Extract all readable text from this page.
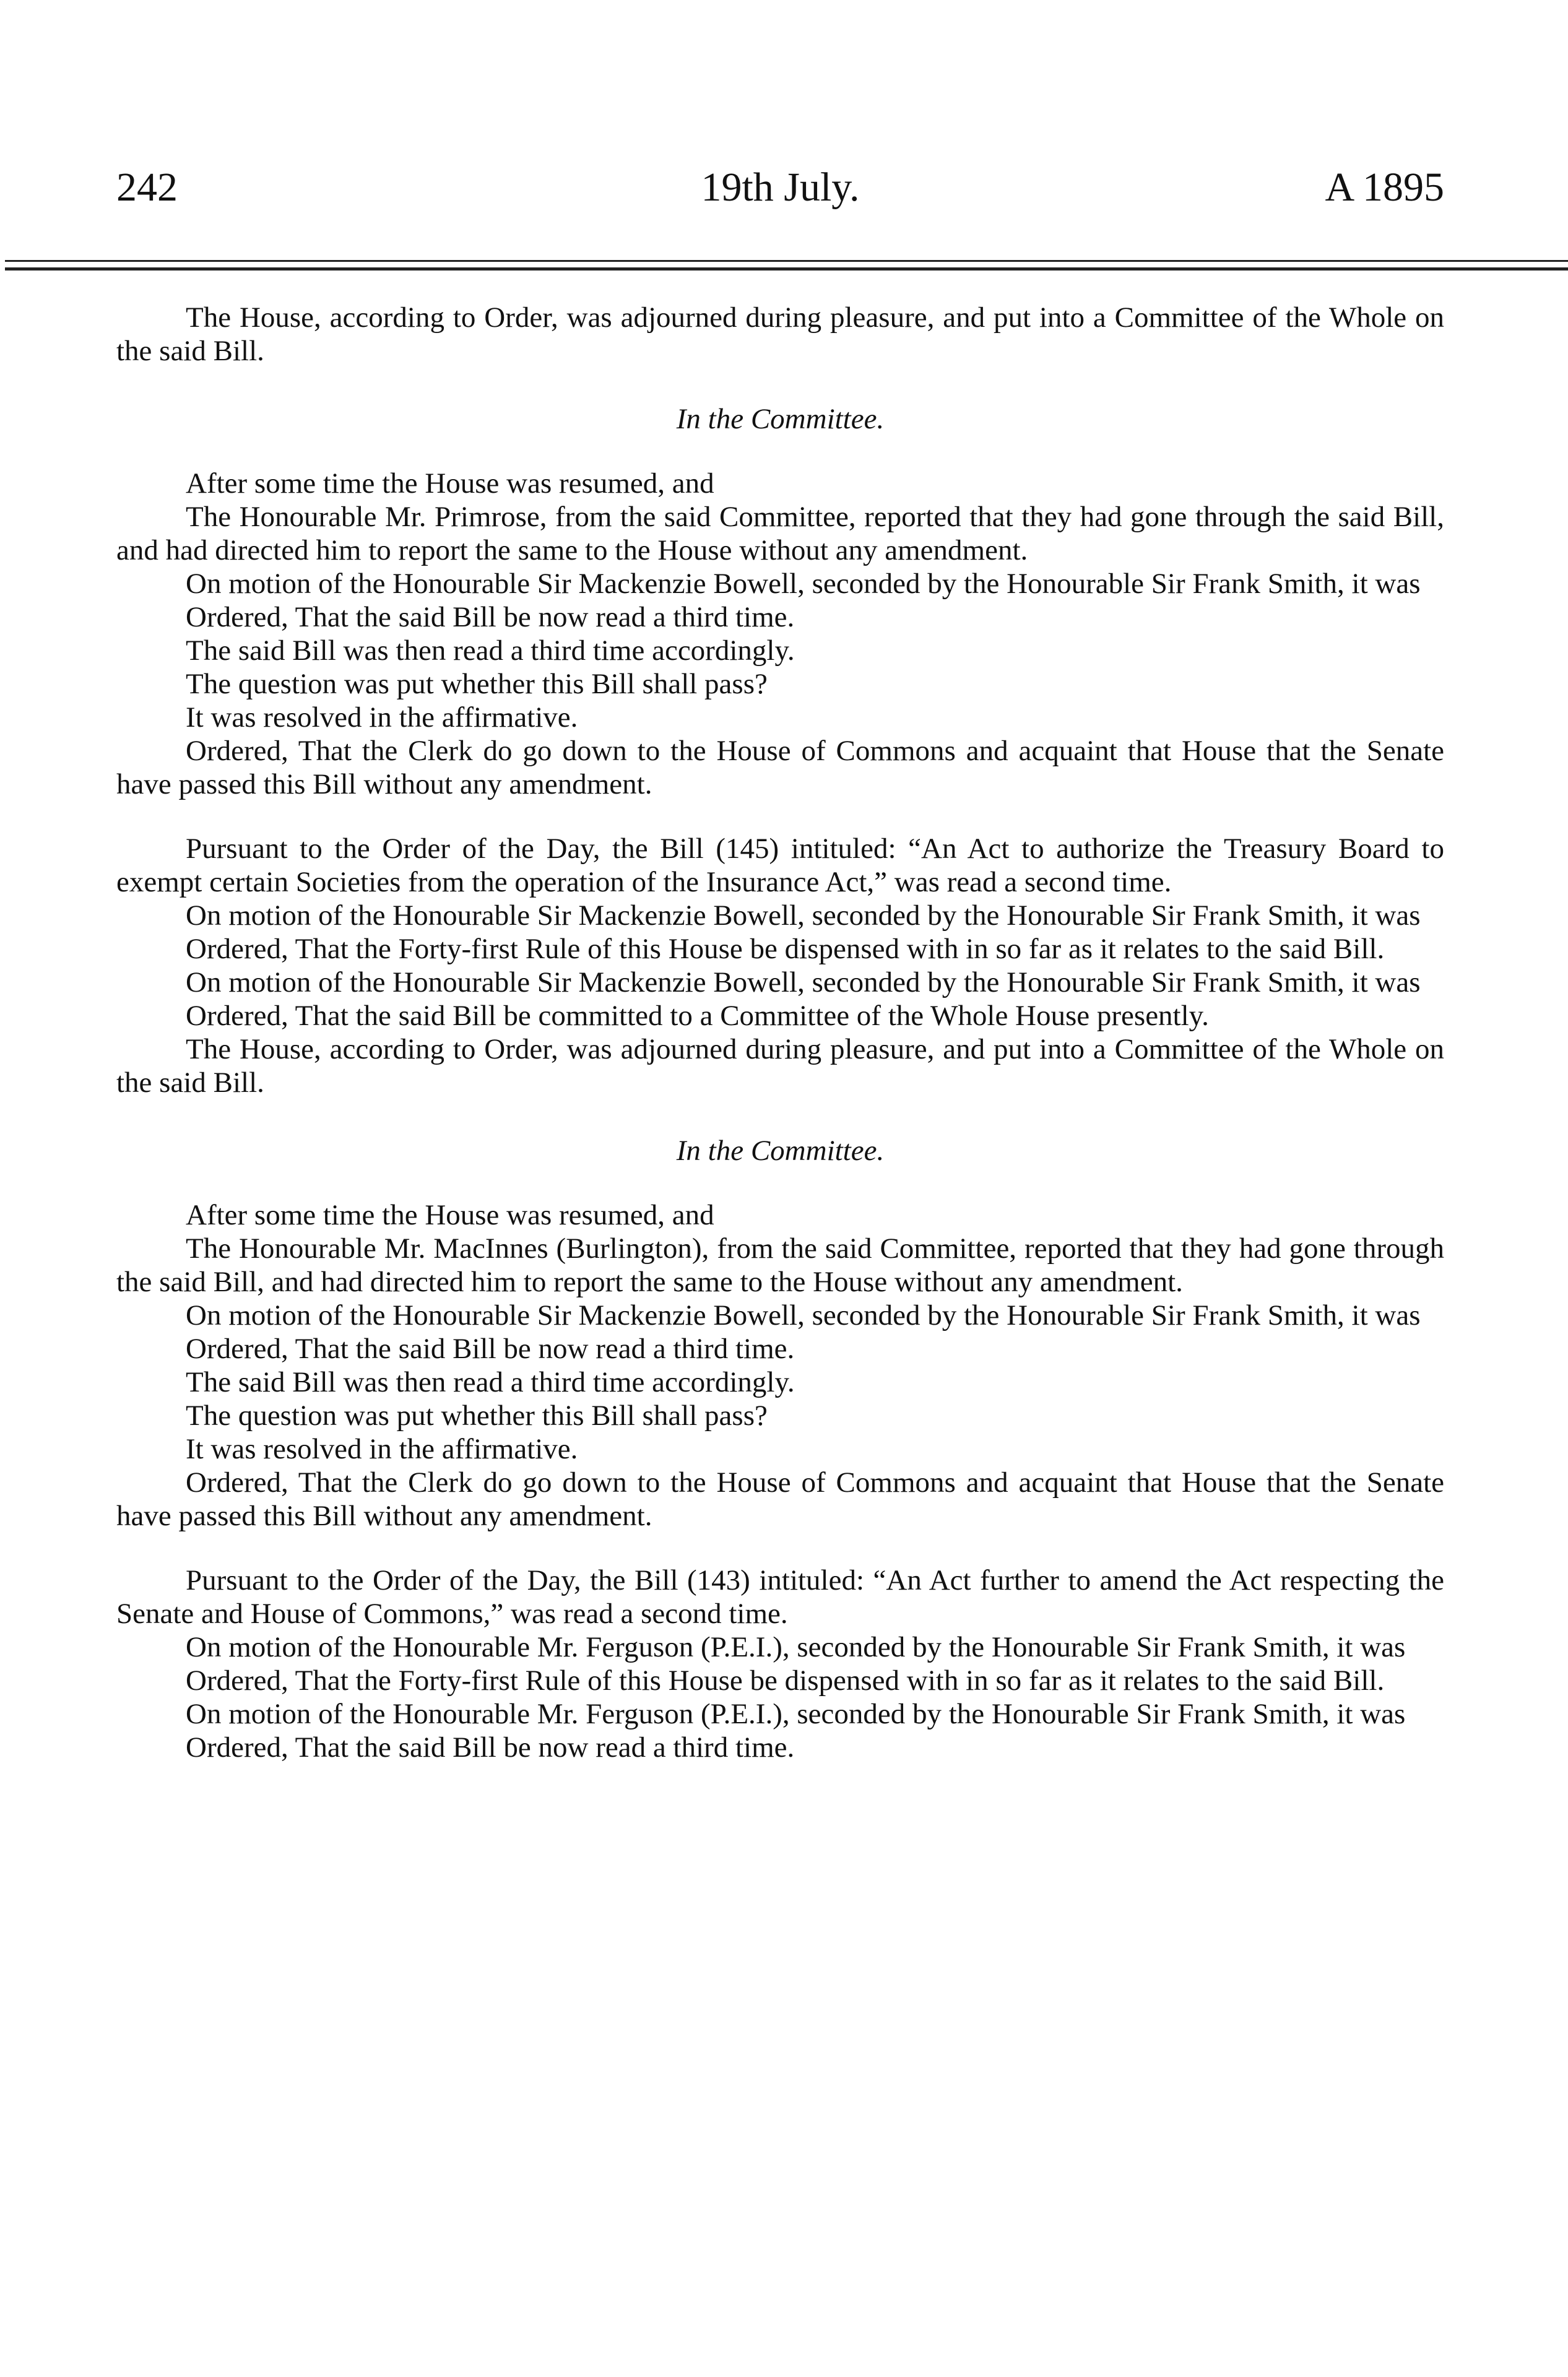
242	19th July.	A 1895

The House, according to Order, was adjourned during pleasure, and put into a Committee of the Whole on the said Bill.

In the Committee.

After some time the House was resumed, and

The Honourable Mr. Primrose, from the said Committee, reported that they had gone through the said Bill, and had directed him to report the same to the House without any amendment.

On motion of the Honourable Sir Mackenzie Bowell, seconded by the Honourable Sir Frank Smith, it was

Ordered, That the said Bill be now read a third time.

The said Bill was then read a third time accordingly.

The question was put whether this Bill shall pass?

It was resolved in the affirmative.

Ordered, That the Clerk do go down to the House of Commons and acquaint that House that the Senate have passed this Bill without any amendment.

Pursuant to the Order of the Day, the Bill (145) intituled: “An Act to authorize the Treasury Board to exempt certain Societies from the operation of the Insurance Act,” was read a second time.

On motion of the Honourable Sir Mackenzie Bowell, seconded by the Honourable Sir Frank Smith, it was

Ordered, That the Forty-first Rule of this House be dispensed with in so far as it relates to the said Bill.

On motion of the Honourable Sir Mackenzie Bowell, seconded by the Honourable Sir Frank Smith, it was

Ordered, That the said Bill be committed to a Committee of the Whole House presently.

The House, according to Order, was adjourned during pleasure, and put into a Committee of the Whole on the said Bill.

In the Committee.

After some time the House was resumed, and

The Honourable Mr. MacInnes (Burlington), from the said Committee, reported that they had gone through the said Bill, and had directed him to report the same to the House without any amendment.

On motion of the Honourable Sir Mackenzie Bowell, seconded by the Honourable Sir Frank Smith, it was

Ordered, That the said Bill be now read a third time.

The said Bill was then read a third time accordingly.

The question was put whether this Bill shall pass?

It was resolved in the affirmative.

Ordered, That the Clerk do go down to the House of Commons and acquaint that House that the Senate have passed this Bill without any amendment.

Pursuant to the Order of the Day, the Bill (143) intituled: “An Act further to amend the Act respecting the Senate and House of Commons,” was read a second time.

On motion of the Honourable Mr. Ferguson (P.E.I.), seconded by the Honourable Sir Frank Smith, it was

Ordered, That the Forty-first Rule of this House be dispensed with in so far as it relates to the said Bill.

On motion of the Honourable Mr. Ferguson (P.E.I.), seconded by the Honourable Sir Frank Smith, it was

Ordered, That the said Bill be now read a third time.
